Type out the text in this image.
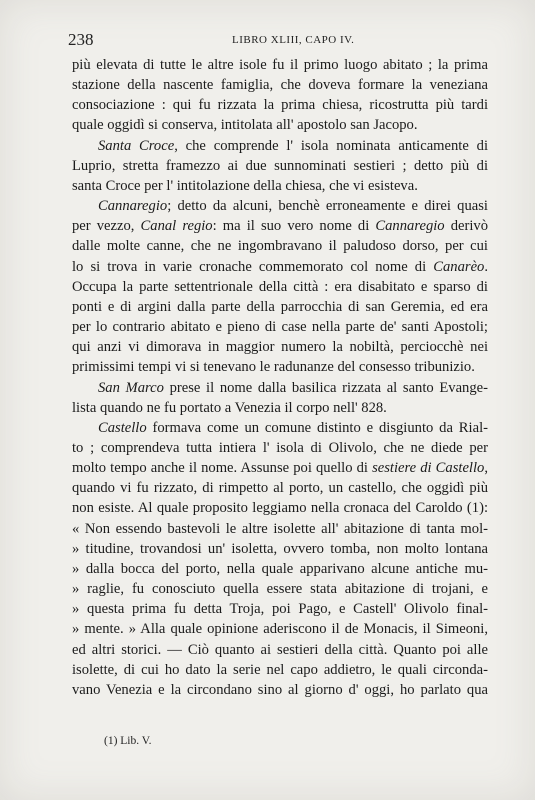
238	LIBRO XLIII, CAPO IV.
più elevata di tutte le altre isole fu il primo luogo abitato ; la prima
stazione della nascente famiglia, che doveva formare la veneziana
consociazione : qui fu rizzata la prima chiesa, ricostrutta più tardi
quale oggidì si conserva, intitolata all' apostolo san Jacopo.
Santa Croce, che comprende l' isola nominata anticamente di
Luprio, stretta framezzo ai due sunnominati sestieri ; detto più di
santa Croce per l' intitolazione della chiesa, che vi esisteva.
Cannaregio; detto da alcuni, benchè erroneamente e direi quasi
per vezzo, Canal regio: ma il suo vero nome di Cannaregio derivò
dalle molte canne, che ne ingombravano il paludoso dorso, per cui
lo si trova in varie cronache commemorato col nome di Canarèo.
Occupa la parte settentrionale della città : era disabitato e sparso di
ponti e di argini dalla parte della parrocchia di san Geremia, ed era
per lo contrario abitato e pieno di case nella parte de' santi Apostoli;
qui anzi vi dimorava in maggior numero la nobiltà, perciocchè nei
primissimi tempi vi si tenevano le radunanze del consesso tribunizio.
San Marco prese il nome dalla basilica rizzata al santo Evange-
lista quando ne fu portato a Venezia il corpo nell' 828.
Castello formava come un comune distinto e disgiunto da Rial-
to ; comprendeva tutta intiera l' isola di Olivolo, che ne diede per
molto tempo anche il nome. Assunse poi quello di sestiere di Castello,
quando vi fu rizzato, di rimpetto al porto, un castello, che oggidì più
non esiste. Al quale proposito leggiamo nella cronaca del Caroldo (1):
« Non essendo bastevoli le altre isolette all' abitazione di tanta mol-
» titudine, trovandosi un' isoletta, ovvero tomba, non molto lontana
» dalla bocca del porto, nella quale apparivano alcune antiche mu-
» raglie, fu conosciuto quella essere stata abitazione di trojani, e
» questa prima fu detta Troja, poi Pago, e Castell' Olivolo final-
» mente. » Alla quale opinione aderiscono il de Monacis, il Simeoni,
ed altri storici. — Ciò quanto ai sestieri della città. Quanto poi alle
isolette, di cui ho dato la serie nel capo addietro, le quali circonda-
vano Venezia e la circondano sino al giorno d' oggi, ho parlato qua
(1) Lib. V.
